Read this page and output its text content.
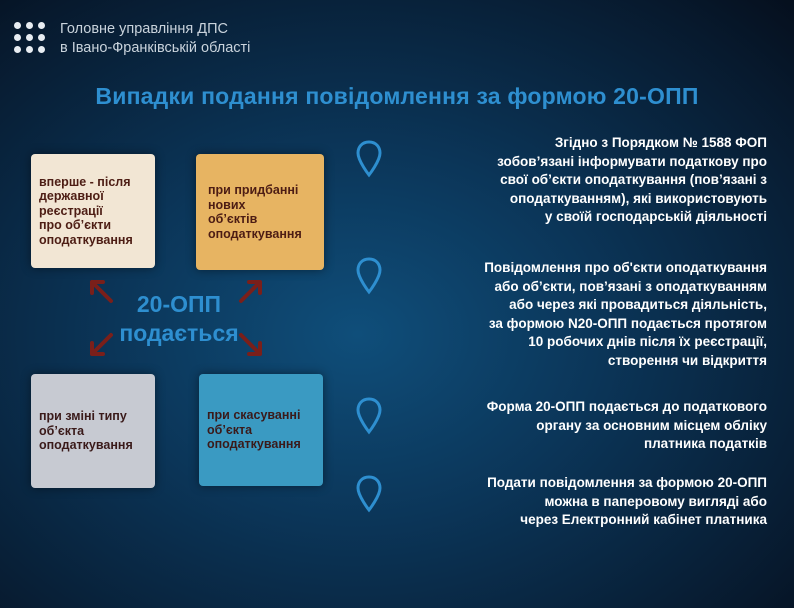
Головне управління ДПС
в Івано-Франківській області
Випадки подання повідомлення за формою 20-ОПП
вперше - після
державної
реєстрації
про об’єкти
оподаткування
при придбанні
нових
об’єктів
оподаткування
при зміні типу
об’єкта
оподаткування
при скасуванні
об’єкта
оподаткування
20-ОПП
подається
Згідно з Порядком № 1588 ФОП
зобов’язані інформувати податкову про
свої об’єкти оподаткування (пов’язані з
оподаткуванням), які використовують
у своїй господарській діяльності
Повідомлення про об'єкти оподаткування
або об’єкти, пов’язані з оподаткуванням
або через які провадиться діяльність,
за формою N20-ОПП подається протягом
10 робочих днів після їх реєстрації,
створення чи відкриття
Форма 20-ОПП подається до податкового
органу за основним місцем обліку
платника податків
Подати повідомлення за формою 20-ОПП
можна в паперовому вигляді або
через Електронний кабінет платника
